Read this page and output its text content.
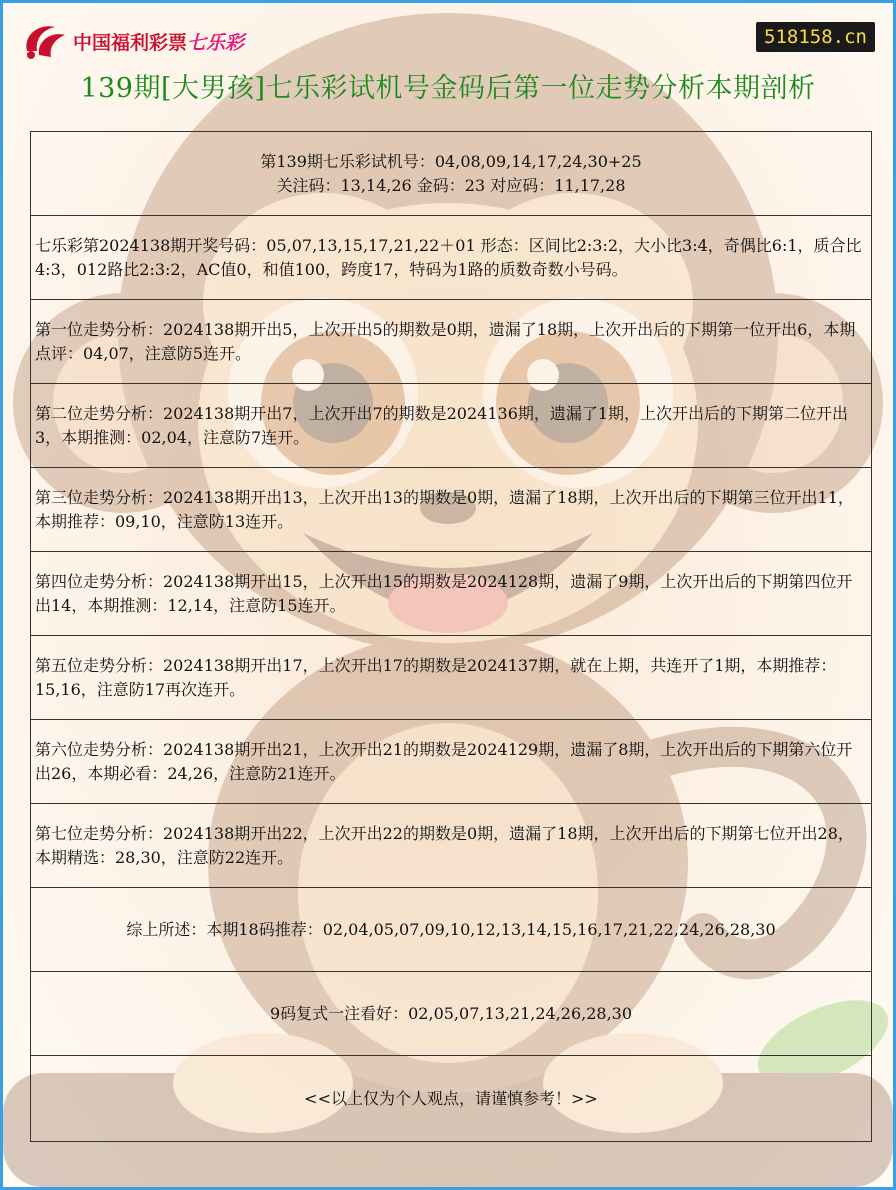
中国福利彩票七乐彩	518158.cn
139期[大男孩]七乐彩试机号金码后第一位走势分析本期剖析

第139期七乐彩试机号：04,08,09,14,17,24,30+25

关注码：13,14,26 金码：23 对应码：11,17,28

七乐彩第2024138期开奖号码：05,07,13,15,17,21,22＋01 形态：区间比2:3:2，大小比3:4，奇偶比6:1，质合比4:3，012路比2:3:2，AC值0，和值100，跨度17，特码为1路的质数奇数小号码。

第一位走势分析：2024138期开出5，上次开出5的期数是0期，遗漏了18期，上次开出后的下期第一位开出6，本期点评：04,07，注意防5连开。

第二位走势分析：2024138期开出7，上次开出7的期数是2024136期，遗漏了1期，上次开出后的下期第二位开出3，本期推测：02,04，注意防7连开。

第三位走势分析：2024138期开出13，上次开出13的期数是0期，遗漏了18期，上次开出后的下期第三位开出11，本期推荐：09,10，注意防13连开。

第四位走势分析：2024138期开出15，上次开出15的期数是2024128期，遗漏了9期，上次开出后的下期第四位开出14，本期推测：12,14，注意防15连开。

第五位走势分析：2024138期开出17，上次开出17的期数是2024137期，就在上期，共连开了1期，本期推荐：15,16，注意防17再次连开。

第六位走势分析：2024138期开出21，上次开出21的期数是2024129期，遗漏了8期，上次开出后的下期第六位开出26，本期必看：24,26，注意防21连开。

第七位走势分析：2024138期开出22，上次开出22的期数是0期，遗漏了18期，上次开出后的下期第七位开出28，本期精选：28,30，注意防22连开。

综上所述：本期18码推荐：02,04,05,07,09,10,12,13,14,15,16,17,21,22,24,26,28,30

9码复式一注看好：02,05,07,13,21,24,26,28,30

<<以上仅为个人观点，请谨慎参考！>>
